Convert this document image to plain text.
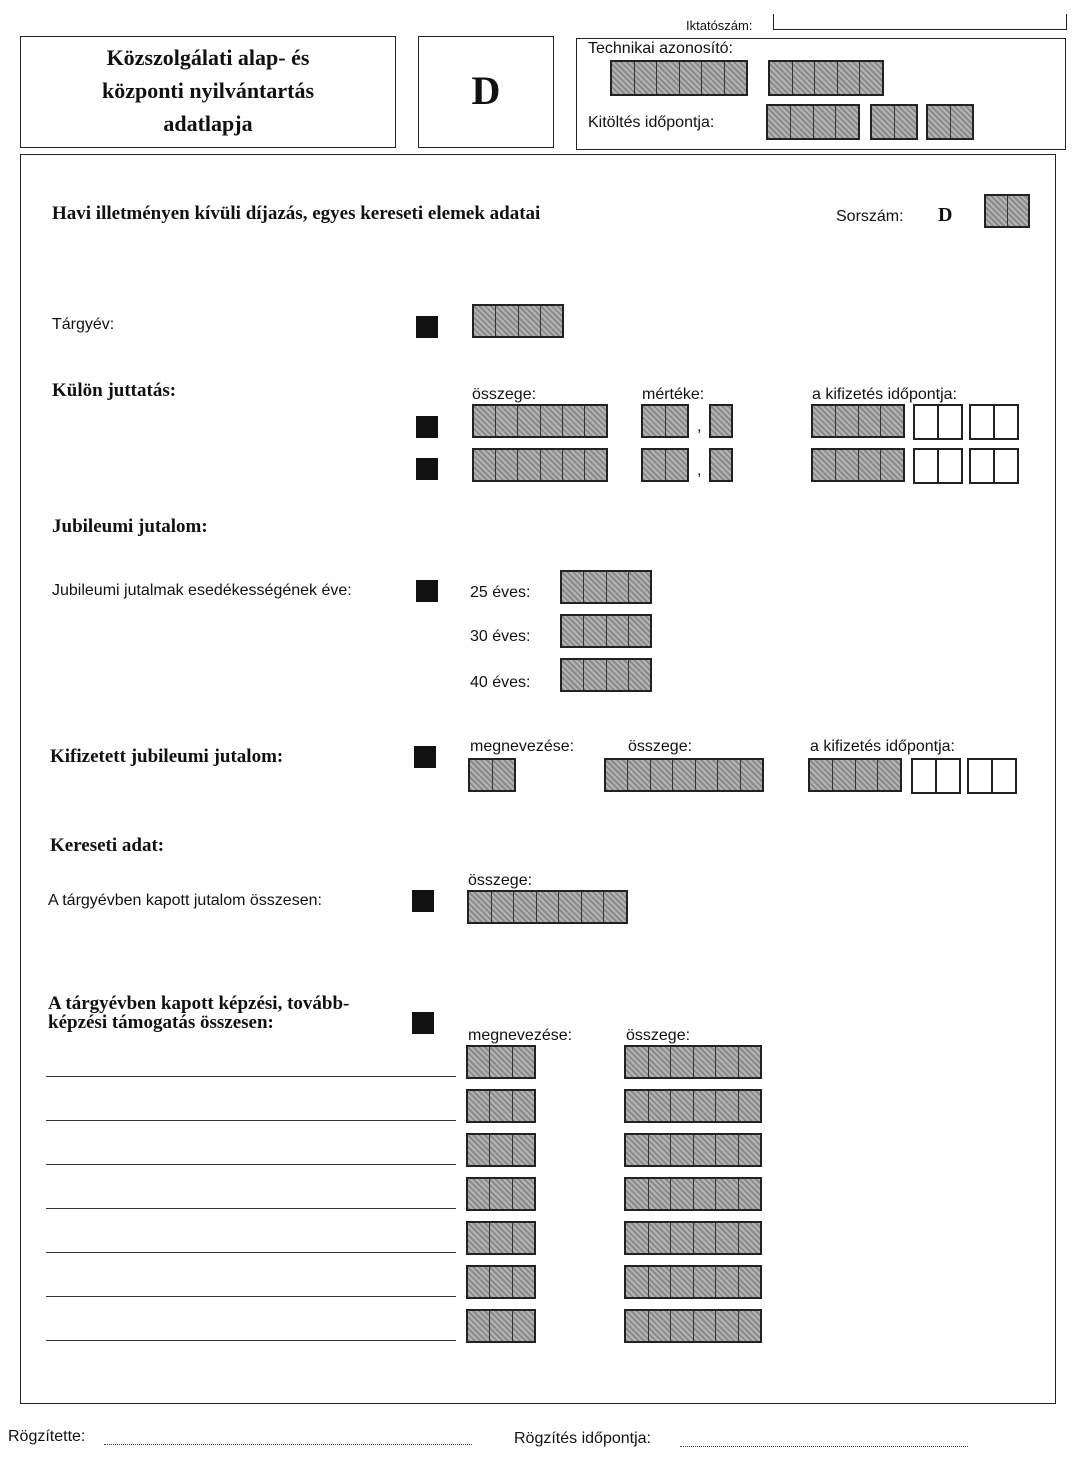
Iktatószám:
Közszolgálati alap- és
központi nyilvántartás
adatlapja
D
Technikai azonosító:
Kitöltés időpontja:
Havi illetményen kívüli díjazás, egyes kereseti elemek adatai	Sorszám: D
Tárgyév:
Külön juttatás:	összege:	mértéke:	a kifizetés időpontja:
,
,
Jubileumi jutalom:
Jubileumi jutalmak esedékességének éve:	25 éves:
30 éves:
40 éves:
Kifizetett jubileumi jutalom:	megnevezése:	összege:	a kifizetés időpontja:
Kereseti adat:
A tárgyévben kapott jutalom összesen:
összege:
A tárgyévben kapott képzési, tovább-
képzési támogatás összesen:
megnevezése:	összege:
Rögzítette:	Rögzítés időpontja:
